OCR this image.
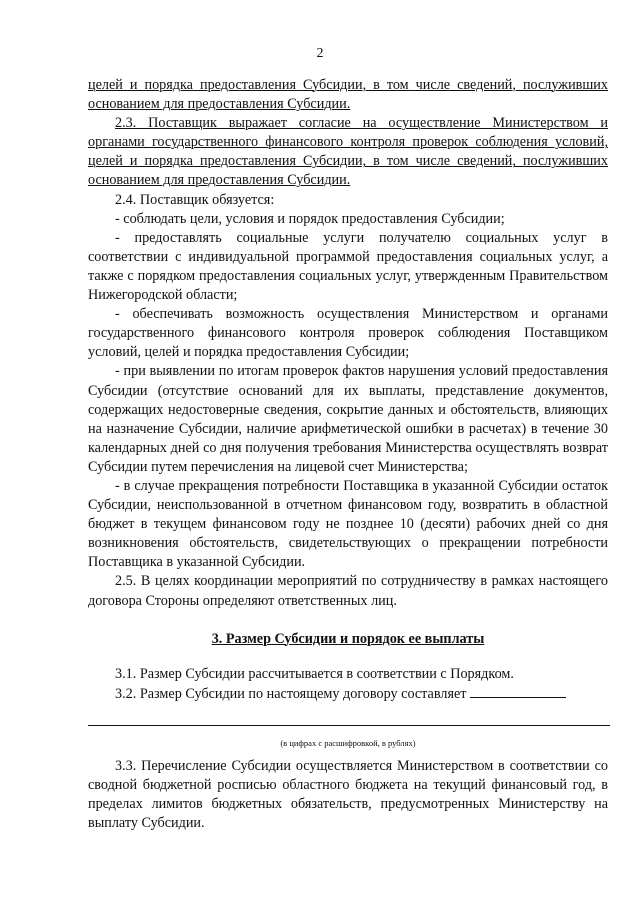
2

целей и порядка предоставления Субсидии, в том числе сведений, послуживших основанием для предоставления Субсидии.

2.3. Поставщик выражает согласие на осуществление Министерством и органами государственного финансового контроля проверок соблюдения условий, целей и порядка предоставления Субсидии, в том числе сведений, послуживших основанием для предоставления Субсидии.

2.4. Поставщик обязуется:

- соблюдать цели, условия и порядок предоставления Субсидии;

- предоставлять социальные услуги получателю социальных услуг в соответствии с индивидуальной программой предоставления социальных услуг, а также с порядком предоставления социальных услуг, утвержденным Правительством Нижегородской области;

- обеспечивать возможность осуществления Министерством и органами государственного финансового контроля проверок соблюдения Поставщиком условий, целей и порядка предоставления Субсидии;

- при выявлении по итогам проверок фактов нарушения условий предоставления Субсидии (отсутствие оснований для их выплаты, представление документов, содержащих недостоверные сведения, сокрытие данных и обстоятельств, влияющих на назначение Субсидии, наличие арифметической ошибки в расчетах) в течение 30 календарных дней со дня получения требования Министерства осуществлять возврат Субсидии путем перечисления на лицевой счет Министерства;

- в случае прекращения потребности Поставщика в указанной Субсидии остаток Субсидии, неиспользованной в отчетном финансовом году, возвратить в областной бюджет в текущем финансовом году не позднее 10 (десяти) рабочих дней со дня возникновения обстоятельств, свидетельствующих о прекращении потребности Поставщика в указанной Субсидии.

2.5. В целях координации мероприятий по сотрудничеству в рамках настоящего договора Стороны определяют ответственных лиц.

3. Размер Субсидии и порядок ее выплаты

3.1. Размер Субсидии рассчитывается в соответствии с Порядком.

3.2. Размер Субсидии по настоящему договору составляет

(в цифрах с расшифровкой, в рублях)

3.3. Перечисление Субсидии осуществляется Министерством в соответствии со сводной бюджетной росписью областного бюджета на текущий финансовый год, в пределах лимитов бюджетных обязательств, предусмотренных Министерству на выплату Субсидии.
